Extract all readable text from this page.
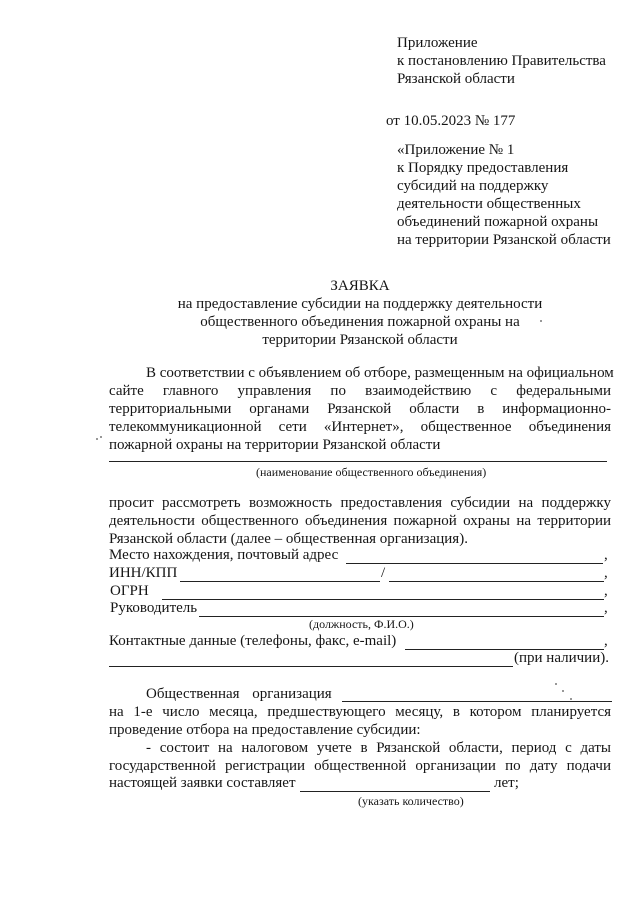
Приложение
к постановлению Правительства
Рязанской области
от 10.05.2023 № 177
«Приложение № 1
к Порядку предоставления
субсидий на поддержку
деятельности общественных
объединений пожарной охраны
на территории Рязанской области
ЗАЯВКА
на предоставление субсидии на поддержку деятельности
общественного объединения пожарной охраны на
территории Рязанской области
В соответствии с объявлением об отборе, размещенным на официальном
сайте главного управления по взаимодействию с федеральными
территориальными органами Рязанской области в информационно-
телекоммуникационной сети «Интернет», общественное объединения
пожарной охраны на территории Рязанской области
(наименование общественного объединения)
просит рассмотреть возможность предоставления субсидии на поддержку
деятельности общественного объединения пожарной охраны на территории
Рязанской области (далее – общественная организация).
Место нахождения, почтовый адрес	,
ИНН/КПП	/	,
ОГРН	,
Руководитель	,
(должность, Ф.И.О.)
Контактные данные (телефоны, факс, e-mail)	,
(при наличии).
Общественная организация
на 1-е число месяца, предшествующего месяцу, в котором планируется
проведение отбора на предоставление субсидии:
- состоит на налоговом учете в Рязанской области, период с даты
государственной регистрации общественной организации по дату подачи
настоящей заявки составляет	лет;
(указать количество)
